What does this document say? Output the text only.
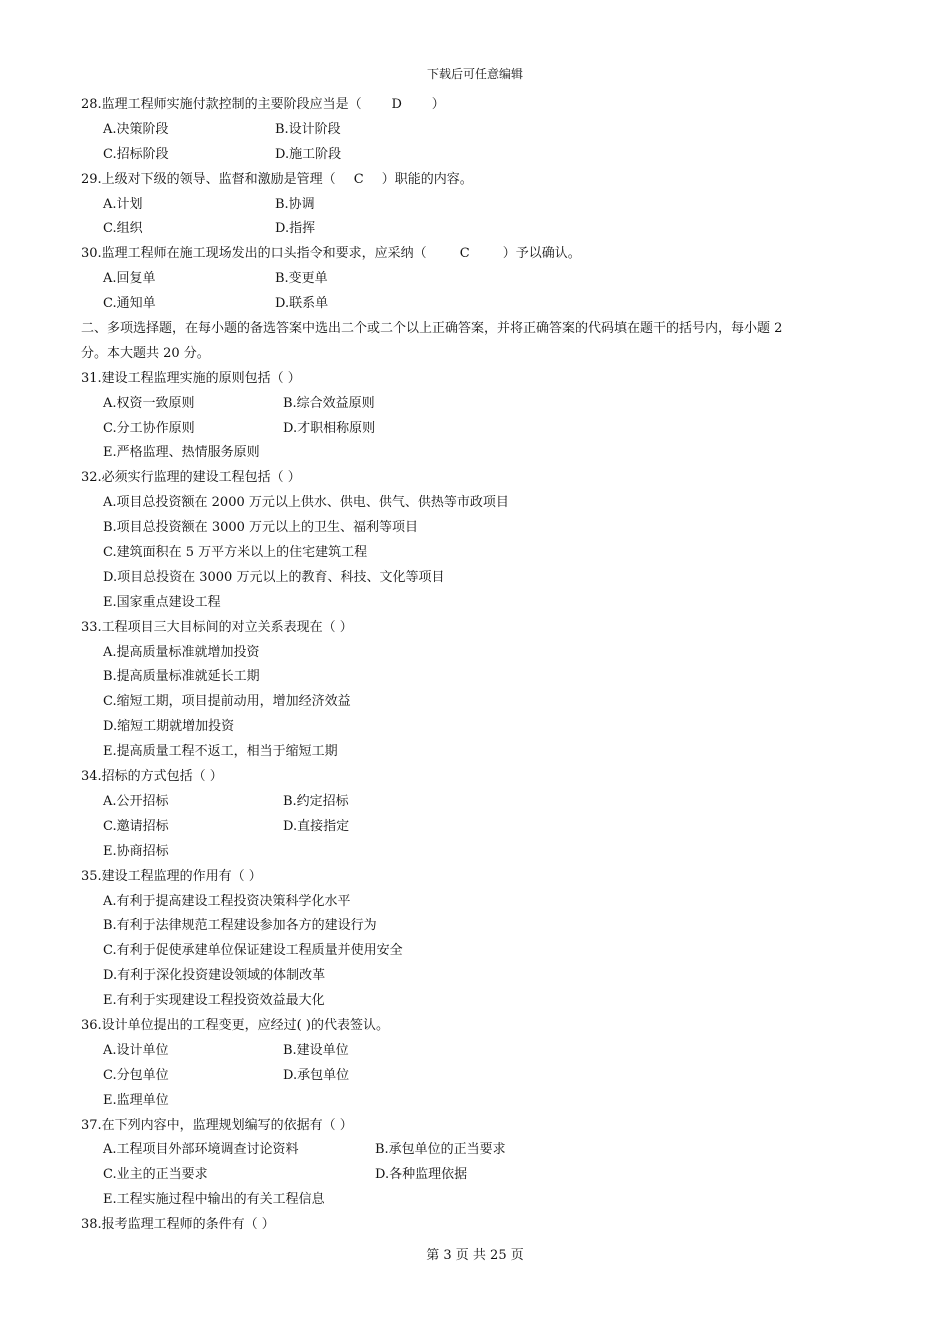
下载后可任意编辑
28.监理工程师实施付款控制的主要阶段应当是（ D ）
A.决策阶段	B.设计阶段
C.招标阶段	D.施工阶段
29.上级对下级的领导、监督和激励是管理（ C ）职能的内容。
A.计划	B.协调
C.组织	D.指挥
30.监理工程师在施工现场发出的口头指令和要求，应采纳（	C	）予以确认。
A.回复单	B.变更单
C.通知单	D.联系单
二、多项选择题，在每小题的备选答案中选出二个或二个以上正确答案，并将正确答案的代码填在题干的括号内，每小题 2
分。本大题共 20 分。
31.建设工程监理实施的原则包括（ ）
A.权资一致原则	B.综合效益原则
C.分工协作原则	D.才职相称原则
E.严格监理、热情服务原则
32.必须实行监理的建设工程包括（ ）
A.项目总投资额在 2000 万元以上供水、供电、供气、供热等市政项目
B.项目总投资额在 3000 万元以上的卫生、福利等项目
C.建筑面积在 5 万平方米以上的住宅建筑工程
D.项目总投资在 3000 万元以上的教育、科技、文化等项目
E.国家重点建设工程
33.工程项目三大目标间的对立关系表现在（ ）
A.提高质量标准就增加投资
B.提高质量标准就延长工期
C.缩短工期，项目提前动用，增加经济效益
D.缩短工期就增加投资
E.提高质量工程不返工，相当于缩短工期
34.招标的方式包括（ ）
A.公开招标	B.约定招标
C.邀请招标	D.直接指定
E.协商招标
35.建设工程监理的作用有（ ）
A.有利于提高建设工程投资决策科学化水平
B.有利于法律规范工程建设参加各方的建设行为
C.有利于促使承建单位保证建设工程质量并使用安全
D.有利于深化投资建设领域的体制改革
E.有利于实现建设工程投资效益最大化
36.设计单位提出的工程变更，应经过( )的代表签认。
A.设计单位	B.建设单位
C.分包单位	D.承包单位
E.监理单位
37.在下列内容中，监理规划编写的依据有（ ）
A.工程项目外部环境调查讨论资料	B.承包单位的正当要求
C.业主的正当要求	D.各种监理依据
E.工程实施过程中输出的有关工程信息
38.报考监理工程师的条件有（ ）
第 3 页 共 25 页
